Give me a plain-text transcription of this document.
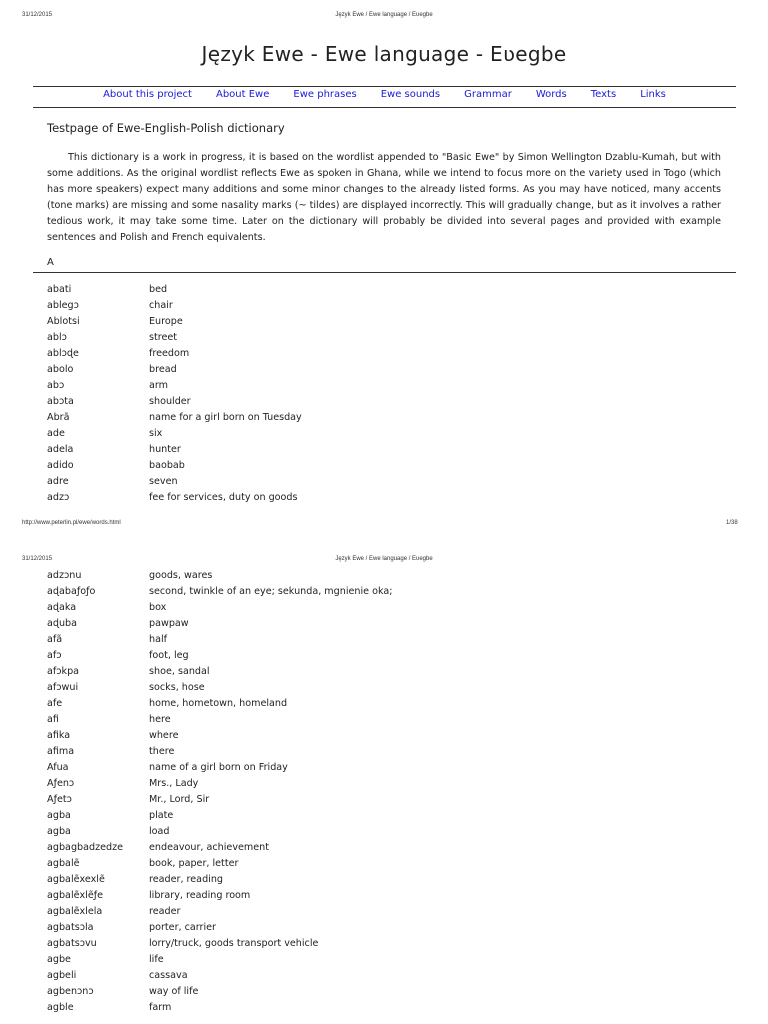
31/12/2015	Język Ewe / Ewe language / Eʋegbe
Język Ewe - Ewe language - Eʋegbe
About this project About Ewe Ewe phrases Ewe sounds Grammar Words Texts Links
Testpage of Ewe-English-Polish dictionary
This dictionary is a work in progress, it is based on the wordlist appended to "Basic Ewe" by Simon Wellington Dzablu-Kumah, but with some additions. As the original wordlist reflects Ewe as spoken in Ghana, while we intend to focus more on the variety used in Togo (which has more speakers) expect many additions and some minor changes to the already listed forms. As you may have noticed, many accents (tone marks) are missing and some nasality marks (~ tildes) are displayed incorrectly. This will gradually change, but as it involves a rather tedious work, it may take some time. Later on the dictionary will probably be divided into several pages and provided with example sentences and Polish and French equivalents.
A
abati	bed
ablegɔ	chair
Ablotsi	Europe
ablɔ	street
ablɔɖe	freedom
abolo	bread
abɔ	arm
abɔta	shoulder
Abrã	name for a girl born on Tuesday
ade	six
adela	hunter
adido	baobab
adre	seven
adzɔ	fee for services, duty on goods
http://www.peterlin.pl/ewe/words.html	1/38
31/12/2015	Język Ewe / Ewe language / Eʋegbe
adzɔnu	goods, wares
aɖabaƒoƒo	second, twinkle of an eye; sekunda, mgnienie oka;
aɖaka	box
aɖuba	pawpaw
afã	half
afɔ	foot, leg
afɔkpa	shoe, sandal
afɔwui	socks, hose
afe	home, hometown, homeland
afi	here
afika	where
afima	there
Afua	name of a girl born on Friday
Aƒenɔ	Mrs., Lady
Aƒetɔ	Mr., Lord, Sir
agba	plate
agba	load
agbagbadzedze	endeavour, achievement
agbalẽ	book, paper, letter
agbalẽxexlẽ	reader, reading
agbalẽxlẽƒe	library, reading room
agbalẽxlela	reader
agbatsɔla	porter, carrier
agbatsɔvu	lorry/truck, goods transport vehicle
agbe	life
agbeli	cassava
agbenɔnɔ	way of life
agble	farm
